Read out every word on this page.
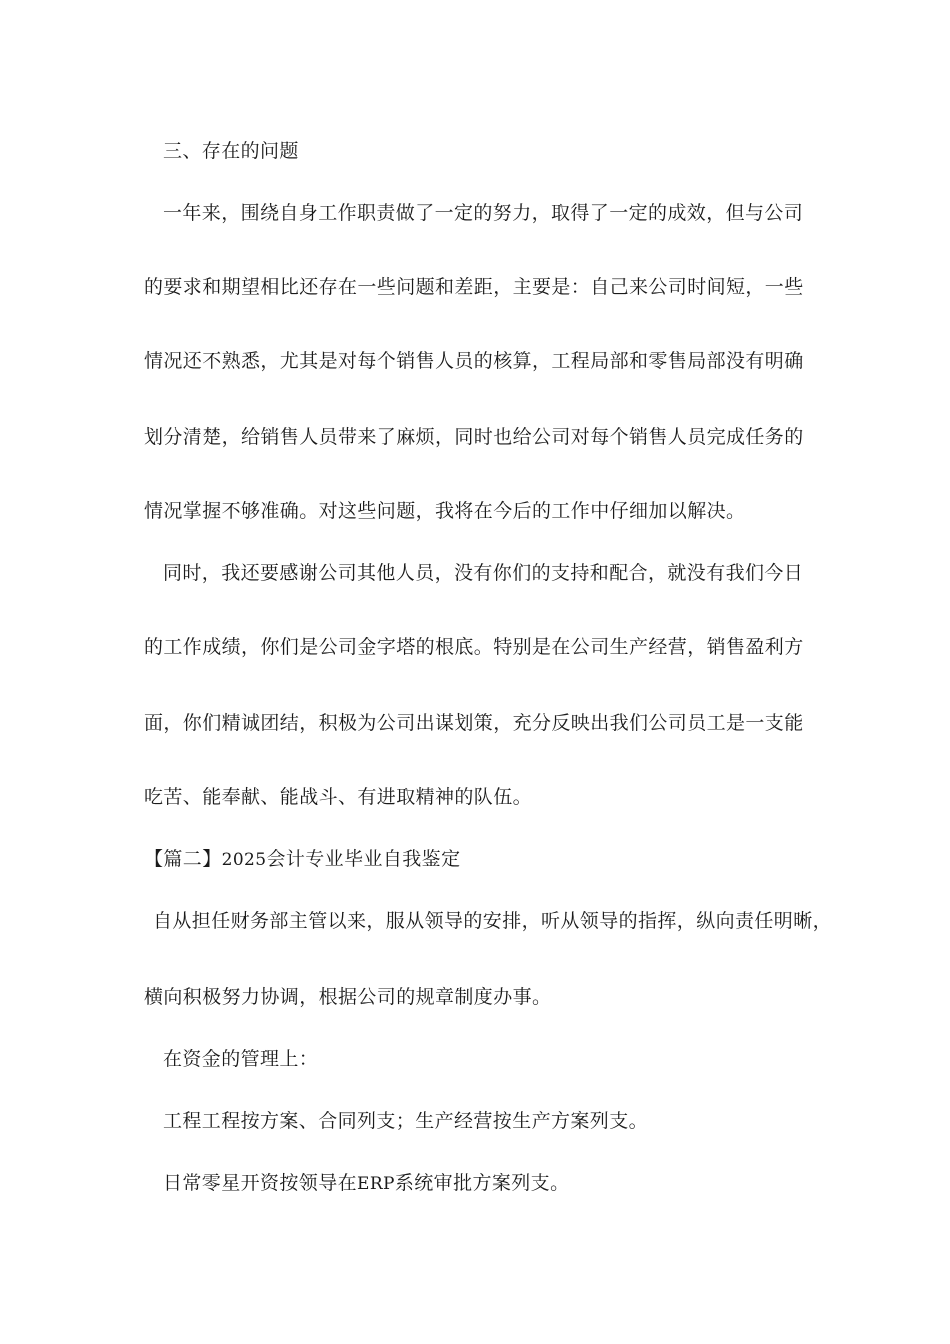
三、存在的问题
一年来，围绕自身工作职责做了一定的努力，取得了一定的成效，但与公司
的要求和期望相比还存在一些问题和差距，主要是：自己来公司时间短，一些
情况还不熟悉，尤其是对每个销售人员的核算，工程局部和零售局部没有明确
划分清楚，给销售人员带来了麻烦，同时也给公司对每个销售人员完成任务的
情况掌握不够准确。对这些问题，我将在今后的工作中仔细加以解决。
同时，我还要感谢公司其他人员，没有你们的支持和配合，就没有我们今日
的工作成绩，你们是公司金字塔的根底。特别是在公司生产经营，销售盈利方
面，你们精诚团结，积极为公司出谋划策，充分反映出我们公司员工是一支能
吃苦、能奉献、能战斗、有进取精神的队伍。
【篇二】2025会计专业毕业自我鉴定
自从担任财务部主管以来，服从领导的安排，听从领导的指挥，纵向责任明晰，
横向积极努力协调，根据公司的规章制度办事。
在资金的管理上：
工程工程按方案、合同列支；生产经营按生产方案列支。
日常零星开资按领导在ERP系统审批方案列支。
